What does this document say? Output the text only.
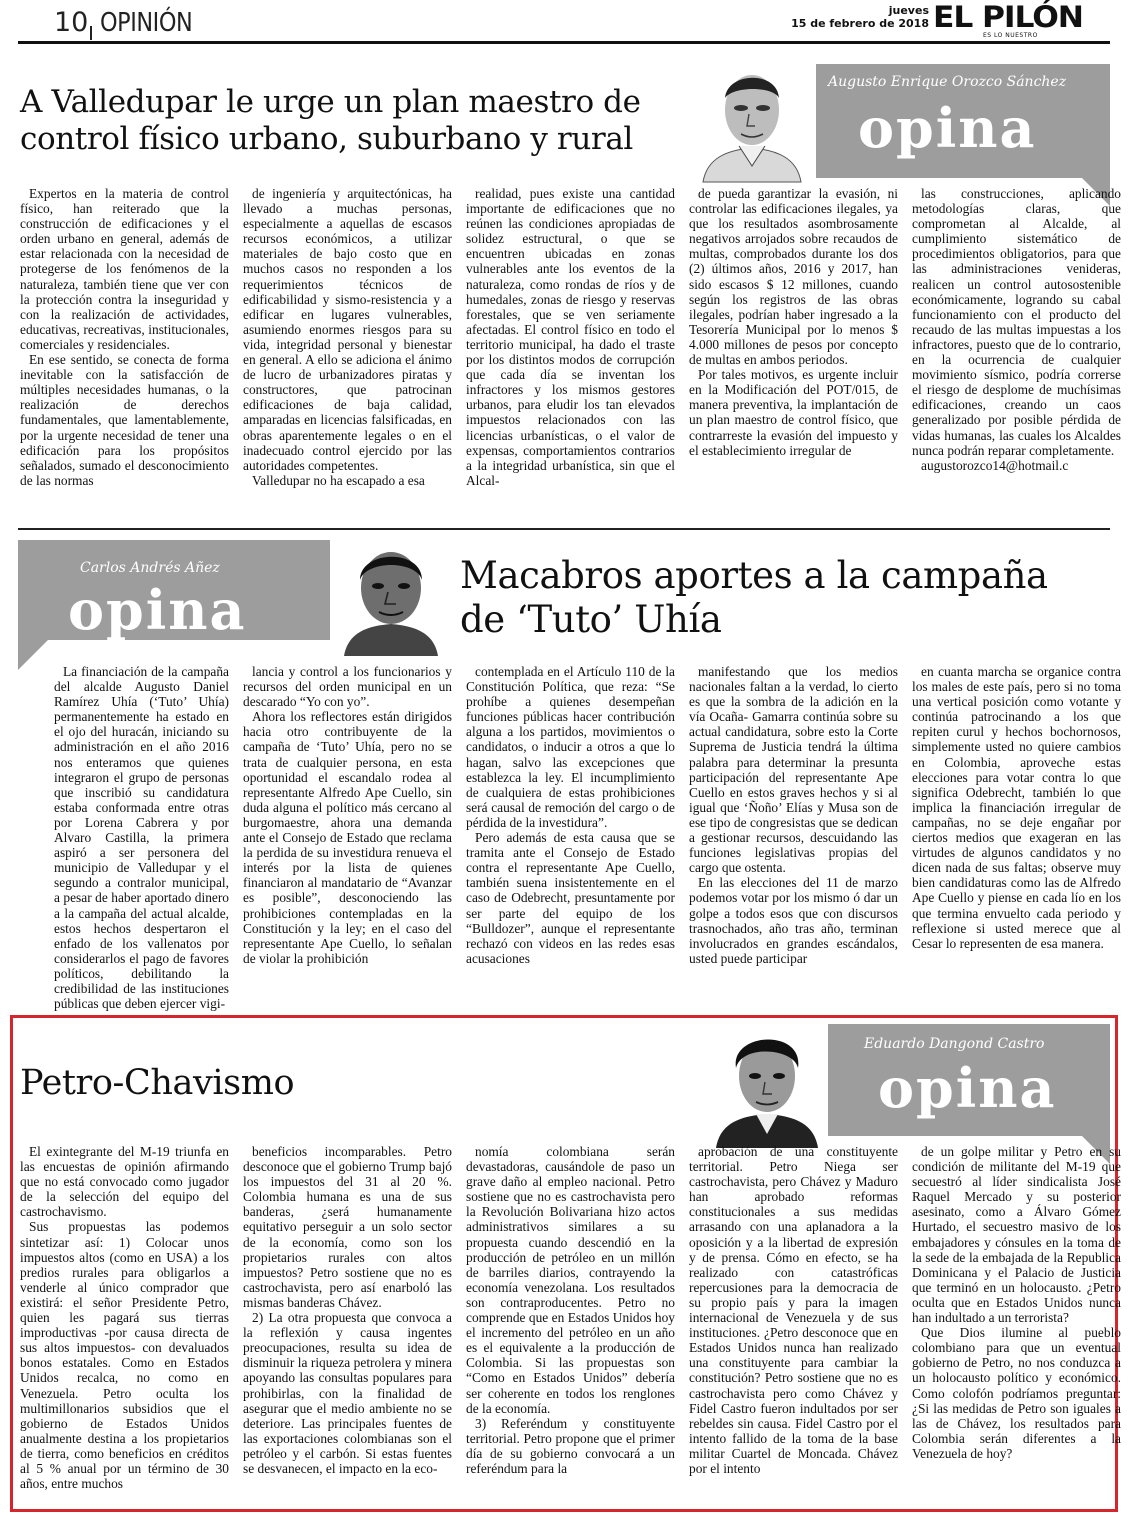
10 OPINIÓN	jueves
15 de febrero de 2018 EL PILÓN
ES LO NUESTRO
A Valledupar le urge un plan maestro de
control físico urbano, suburbano y rural
Augusto Enrique Orozco Sánchez
opina

Expertos en la materia de control físico, han reiterado que la construcción de edificaciones y el orden urbano en general, además de estar relacionada con la necesidad de protegerse de los fenómenos de la naturaleza, también tiene que ver con la protección contra la inseguridad y con la realización de actividades, educativas, recreativas, institucionales, comerciales y residenciales.

En ese sentido, se conecta de forma inevitable con la satisfacción de múltiples necesidades humanas, o la realización de derechos fundamentales, que lamentablemente, por la urgente necesidad de tener una edificación para los propósitos señalados, sumado el desconocimiento de las normas

de ingeniería y arquitectónicas, ha llevado a muchas personas, especialmente a aquellas de escasos recursos económicos, a utilizar materiales de bajo costo que en muchos casos no responden a los requerimientos técnicos de edificabilidad y sismo-resistencia y a edificar en lugares vulnerables, asumiendo enormes riesgos para su vida, integridad personal y bienestar en general. A ello se adiciona el ánimo de lucro de urbanizadores piratas y constructores, que patrocinan edificaciones de baja calidad, amparadas en licencias falsificadas, en obras aparentemente legales o en el inadecuado control ejercido por las autoridades competentes.

Valledupar no ha escapado a esa

realidad, pues existe una cantidad importante de edificaciones que no reúnen las condiciones apropiadas de solidez estructural, o que se encuentren ubicadas en zonas vulnerables ante los eventos de la naturaleza, como rondas de ríos y de humedales, zonas de riesgo y reservas forestales, que se ven seriamente afectadas. El control físico en todo el territorio municipal, ha dado el traste por los distintos modos de corrupción que cada día se inventan los infractores y los mismos gestores urbanos, para eludir los tan elevados impuestos relacionados con las licencias urbanísticas, o el valor de expensas, comportamientos contrarios a la integridad urbanística, sin que el Alcal-

de pueda garantizar la evasión, ni controlar las edificaciones ilegales, ya que los resultados asombrosamente negativos arrojados sobre recaudos de multas, comprobados durante los dos (2) últimos años, 2016 y 2017, han sido escasos $ 12 millones, cuando según los registros de las obras ilegales, podrían haber ingresado a la Tesorería Municipal por lo menos $ 4.000 millones de pesos por concepto de multas en ambos periodos.

Por tales motivos, es urgente incluir en la Modificación del POT/015, de manera preventiva, la implantación de un plan maestro de control físico, que contrarreste la evasión del impuesto y el establecimiento irregular de

las construcciones, aplicando metodologías claras, que comprometan al Alcalde, al cumplimiento sistemático de procedimientos obligatorios, para que las administraciones venideras, realicen un control autosostenible económicamente, logrando su cabal funcionamiento con el producto del recaudo de las multas impuestas a los infractores, puesto que de lo contrario, en la ocurrencia de cualquier movimiento sísmico, podría correrse el riesgo de desplome de muchísimas edificaciones, creando un caos generalizado por posible pérdida de vidas humanas, las cuales los Alcaldes nunca podrán reparar completamente.

augustorozco14@hotmail.c

Carlos Andrés Añez
opina
Macabros aportes a la campaña
de ‘Tuto’ Uhía

La financiación de la campaña del alcalde Augusto Daniel Ramírez Uhía (‘Tuto’ Uhía) permanentemente ha estado en el ojo del huracán, iniciando su administración en el año 2016 nos enteramos que quienes integraron el grupo de personas que inscribió su candidatura estaba conformada entre otras por Lorena Cabrera y por Alvaro Castilla, la primera aspiró a ser personera del municipio de Valledupar y el segundo a contralor municipal, a pesar de haber aportado dinero a la campaña del actual alcalde, estos hechos despertaron el enfado de los vallenatos por considerarlos el pago de favores políticos, debilitando la credibilidad de las instituciones públicas que deben ejercer vigi-

lancia y control a los funcionarios y recursos del orden municipal en un descarado “Yo con yo”.

Ahora los reflectores están dirigidos hacia otro contribuyente de la campaña de ‘Tuto’ Uhía, pero no se trata de cualquier persona, en esta oportunidad el escandalo rodea al representante Alfredo Ape Cuello, sin duda alguna el político más cercano al burgomaestre, ahora una demanda ante el Consejo de Estado que reclama la perdida de su investidura renueva el interés por la lista de quienes financiaron al mandatario de “Avanzar es posible”, desconociendo las prohibiciones contempladas en la Constitución y la ley; en el caso del representante Ape Cuello, lo señalan de violar la prohibición

contemplada en el Artículo 110 de la Constitución Política, que reza: “Se prohíbe a quienes desempeñan funciones públicas hacer contribución alguna a los partidos, movimientos o candidatos, o inducir a otros a que lo hagan, salvo las excepciones que establezca la ley. El incumplimiento de cualquiera de estas prohibiciones será causal de remoción del cargo o de pérdida de la investidura”.

Pero además de esta causa que se tramita ante el Consejo de Estado contra el representante Ape Cuello, también suena insistentemente en el caso de Odebrecht, presuntamente por ser parte del equipo de los “Bulldozer”, aunque el representante rechazó con videos en las redes esas acusaciones

manifestando que los medios nacionales faltan a la verdad, lo cierto es que la sombra de la adición en la vía Ocaña- Gamarra continúa sobre su actual candidatura, sobre esto la Corte Suprema de Justicia tendrá la última palabra para determinar la presunta participación del representante Ape Cuello en estos graves hechos y si al igual que ‘Ñoño’ Elías y Musa son de ese tipo de congresistas que se dedican a gestionar recursos, descuidando las funciones legislativas propias del cargo que ostenta.

En las elecciones del 11 de marzo podemos votar por los mismo ó dar un golpe a todos esos que con discursos trasnochados, año tras año, terminan involucrados en grandes escándalos, usted puede participar

en cuanta marcha se organice contra los males de este país, pero si no toma una vertical posición como votante y continúa patrocinando a los que repiten curul y hechos bochornosos, simplemente usted no quiere cambios en Colombia, aproveche estas elecciones para votar contra lo que significa Odebrecht, también lo que implica la financiación irregular de campañas, no se deje engañar por ciertos medios que exageran en las virtudes de algunos candidatos y no dicen nada de sus faltas; observe muy bien candidaturas como las de Alfredo Ape Cuello y piense en cada lío en los que termina envuelto cada periodo y reflexione si usted merece que al Cesar lo representen de esa manera.

Petro-Chavismo
Eduardo Dangond Castro
opina

El exintegrante del M-19 triunfa en las encuestas de opinión afirmando que no está convocado como jugador de la selección del equipo del castrochavismo.

Sus propuestas las podemos sintetizar así: 1) Colocar unos impuestos altos (como en USA) a los predios rurales para obligarlos a venderle al único comprador que existirá: el señor Presidente Petro, quien les pagará sus tierras improductivas -por causa directa de sus altos impuestos- con devaluados bonos estatales. Como en Estados Unidos recalca, no como en Venezuela. Petro oculta los multimillonarios subsidios que el gobierno de Estados Unidos anualmente destina a los propietarios de tierra, como beneficios en créditos al 5 % anual por un término de 30 años, entre muchos

beneficios incomparables. Petro desconoce que el gobierno Trump bajó los impuestos del 31 al 20 %. Colombia humana es una de sus banderas, ¿será humanamente equitativo perseguir a un solo sector de la economía, como son los propietarios rurales con altos impuestos? Petro sostiene que no es castrochavista, pero así enarboló las mismas banderas Chávez.

2) La otra propuesta que convoca a la reflexión y causa ingentes preocupaciones, resulta su idea de disminuir la riqueza petrolera y minera apoyando las consultas populares para prohibirlas, con la finalidad de asegurar que el medio ambiente no se deteriore. Las principales fuentes de las exportaciones colombianas son el petróleo y el carbón. Si estas fuentes se desvanecen, el impacto en la eco-

nomía colombiana serán devastadoras, causándole de paso un grave daño al empleo nacional. Petro sostiene que no es castrochavista pero la Revolución Bolivariana hizo actos administrativos similares a su propuesta cuando descendió en la producción de petróleo en un millón de barriles diarios, contrayendo la economía venezolana. Los resultados son contraproducentes. Petro no comprende que en Estados Unidos hoy el incremento del petróleo en un año es el equivalente a la producción de Colombia. Si las propuestas son “Como en Estados Unidos” debería ser coherente en todos los renglones de la economía.

3) Referéndum y constituyente territorial. Petro propone que el primer día de su gobierno convocará a un referéndum para la

aprobación de una constituyente territorial. Petro Niega ser castrochavista, pero Chávez y Maduro han aprobado reformas constitucionales a sus medidas arrasando con una aplanadora a la oposición y a la libertad de expresión y de prensa. Cómo en efecto, se ha realizado con catastróficas repercusiones para la democracia de su propio país y para la imagen internacional de Venezuela y de sus instituciones. ¿Petro desconoce que en Estados Unidos nunca han realizado una constituyente para cambiar la constitución? Petro sostiene que no es castrochavista pero como Chávez y Fidel Castro fueron indultados por ser rebeldes sin causa. Fidel Castro por el intento fallido de la toma de la base militar Cuartel de Moncada. Chávez por el intento

de un golpe militar y Petro en su condición de militante del M-19 que secuestró al líder sindicalista José Raquel Mercado y su posterior asesinato, como a Álvaro Gómez Hurtado, el secuestro masivo de los embajadores y cónsules en la toma de la sede de la embajada de la Republica Dominicana y el Palacio de Justicia que terminó en un holocausto. ¿Petro oculta que en Estados Unidos nunca han indultado a un terrorista?

Que Dios ilumine al pueblo colombiano para que un eventual gobierno de Petro, no nos conduzca a un holocausto político y económico. Como colofón podríamos preguntar: ¿Si las medidas de Petro son iguales a las de Chávez, los resultados para Colombia serán diferentes a la Venezuela de hoy?
